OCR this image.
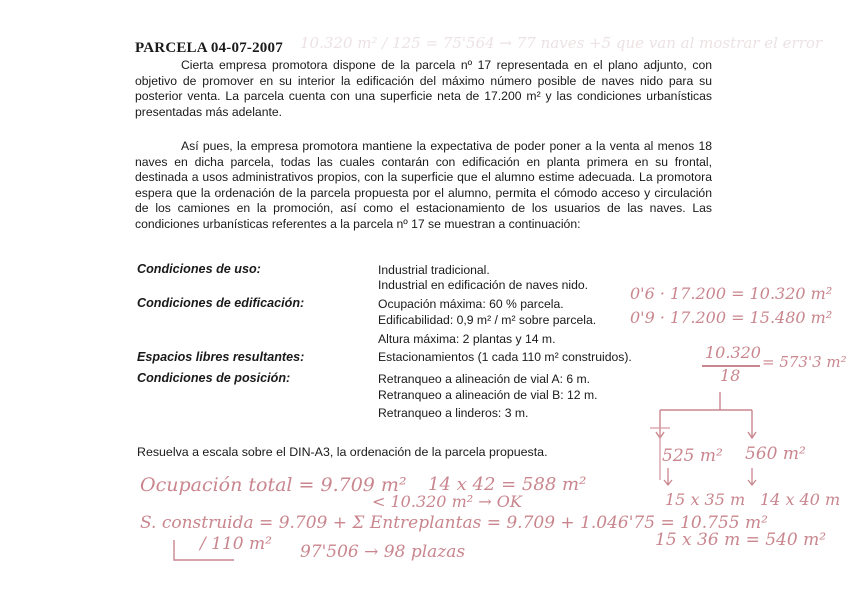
PARCELA 04-07-2007

Cierta empresa promotora dispone de la parcela nº 17 representada en el plano adjunto, con objetivo de promover en su interior la edificación del máximo número posible de naves nido para su posterior venta. La parcela cuenta con una superficie neta de 17.200 m² y las condiciones urbanísticas presentadas más adelante.

Así pues, la empresa promotora mantiene la expectativa de poder poner a la venta al menos 18 naves en dicha parcela, todas las cuales contarán con edificación en planta primera en su frontal, destinada a usos administrativos propios, con la superficie que el alumno estime adecuada. La promotora espera que la ordenación de la parcela propuesta por el alumno, permita el cómodo acceso y circulación de los camiones en la promoción, así como el estacionamiento de los usuarios de las naves. Las condiciones urbanísticas referentes a la parcela nº 17 se muestran a continuación:

Condiciones de uso:	Industrial tradicional.
Industrial en edificación de naves nido.
Condiciones de edificación:	Ocupación máxima: 60 % parcela.
Edificabilidad: 0,9 m² / m² sobre parcela.
Altura máxima: 2 plantas y 14 m.
Espacios libres resultantes:	Estacionamientos (1 cada 110 m² construidos).
Condiciones de posición:	Retranqueo a alineación de vial A: 6 m.
Retranqueo a alineación de vial B: 12 m.
Retranqueo a linderos: 3 m.
Resuelva a escala sobre el DIN-A3, la ordenación de la parcela propuesta.
10.320 m² / 125 = 75'564 → 77 naves +5 que van al mostrar el error
0'6 · 17.200 = 10.320 m²
0'9 · 17.200 = 15.480 m²
10.320
18
= 573'3 m²
525 m² 560 m²
Ocupación total = 9.709 m² 14 x 42 = 588 m²
< 10.320 m² → OK	15 x 35 m 14 x 40 m
S. construida = 9.709 + Σ Entreplantas = 9.709 + 1.046'75 = 10.755 m²
/ 110 m² 97'506 → 98 plazas
15 x 36 m = 540 m²
